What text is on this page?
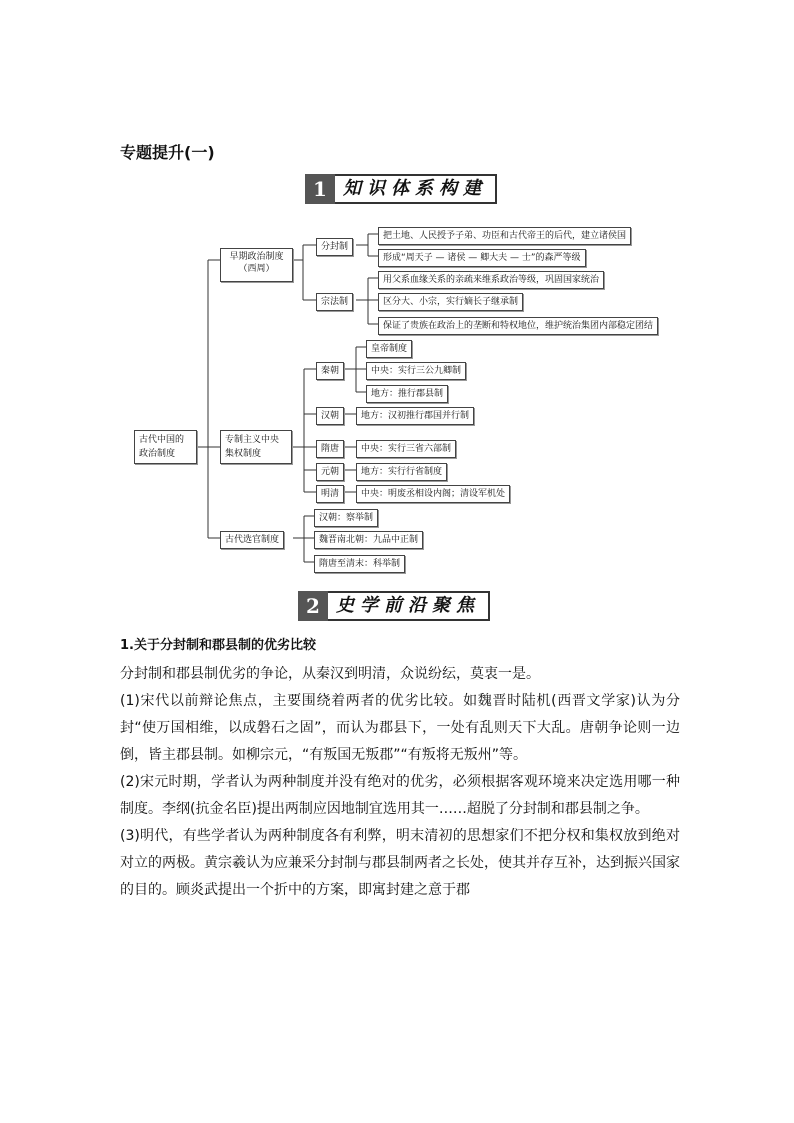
专题提升(一)
1 知识体系构建
古代中国的政治制度
早期政治制度
（西周）
分封制
把土地、人民授予子弟、功臣和古代帝王的后代，建立诸侯国
形成“周天子 — 诸侯 — 卿大夫 — 士”的森严等级
宗法制
用父系血缘关系的亲疏来维系政治等级，巩固国家统治
区分大、小宗，实行嫡长子继承制
保证了贵族在政治上的垄断和特权地位，维护统治集团内部稳定团结
专制主义中央集权制度
秦朝
皇帝制度
中央：实行三公九卿制
地方：推行郡县制
汉朝	地方：汉初推行郡国并行制
隋唐	中央：实行三省六部制
元朝	地方：实行行省制度
明清	中央：明废丞相设内阁；清设军机处
古代选官制度
汉朝：察举制
魏晋南北朝：九品中正制
隋唐至清末：科举制
2 史学前沿聚焦
1.关于分封制和郡县制的优劣比较

分封制和郡县制优劣的争论，从秦汉到明清，众说纷纭，莫衷一是。

(1)宋代以前辩论焦点，主要围绕着两者的优劣比较。如魏晋时陆机(西晋文学家)认为分封“使万国相维，以成磐石之固”，而认为郡县下，一处有乱则天下大乱。唐朝争论则一边倒，皆主郡县制。如柳宗元，“有叛国无叛郡”“有叛将无叛州”等。

(2)宋元时期，学者认为两种制度并没有绝对的优劣，必须根据客观环境来决定选用哪一种制度。李纲(抗金名臣)提出两制应因地制宜选用其一……超脱了分封制和郡县制之争。

(3)明代，有些学者认为两种制度各有利弊，明末清初的思想家们不把分权和集权放到绝对对立的两极。黄宗羲认为应兼采分封制与郡县制两者之长处，使其并存互补，达到振兴国家的目的。顾炎武提出一个折中的方案，即寓封建之意于郡
